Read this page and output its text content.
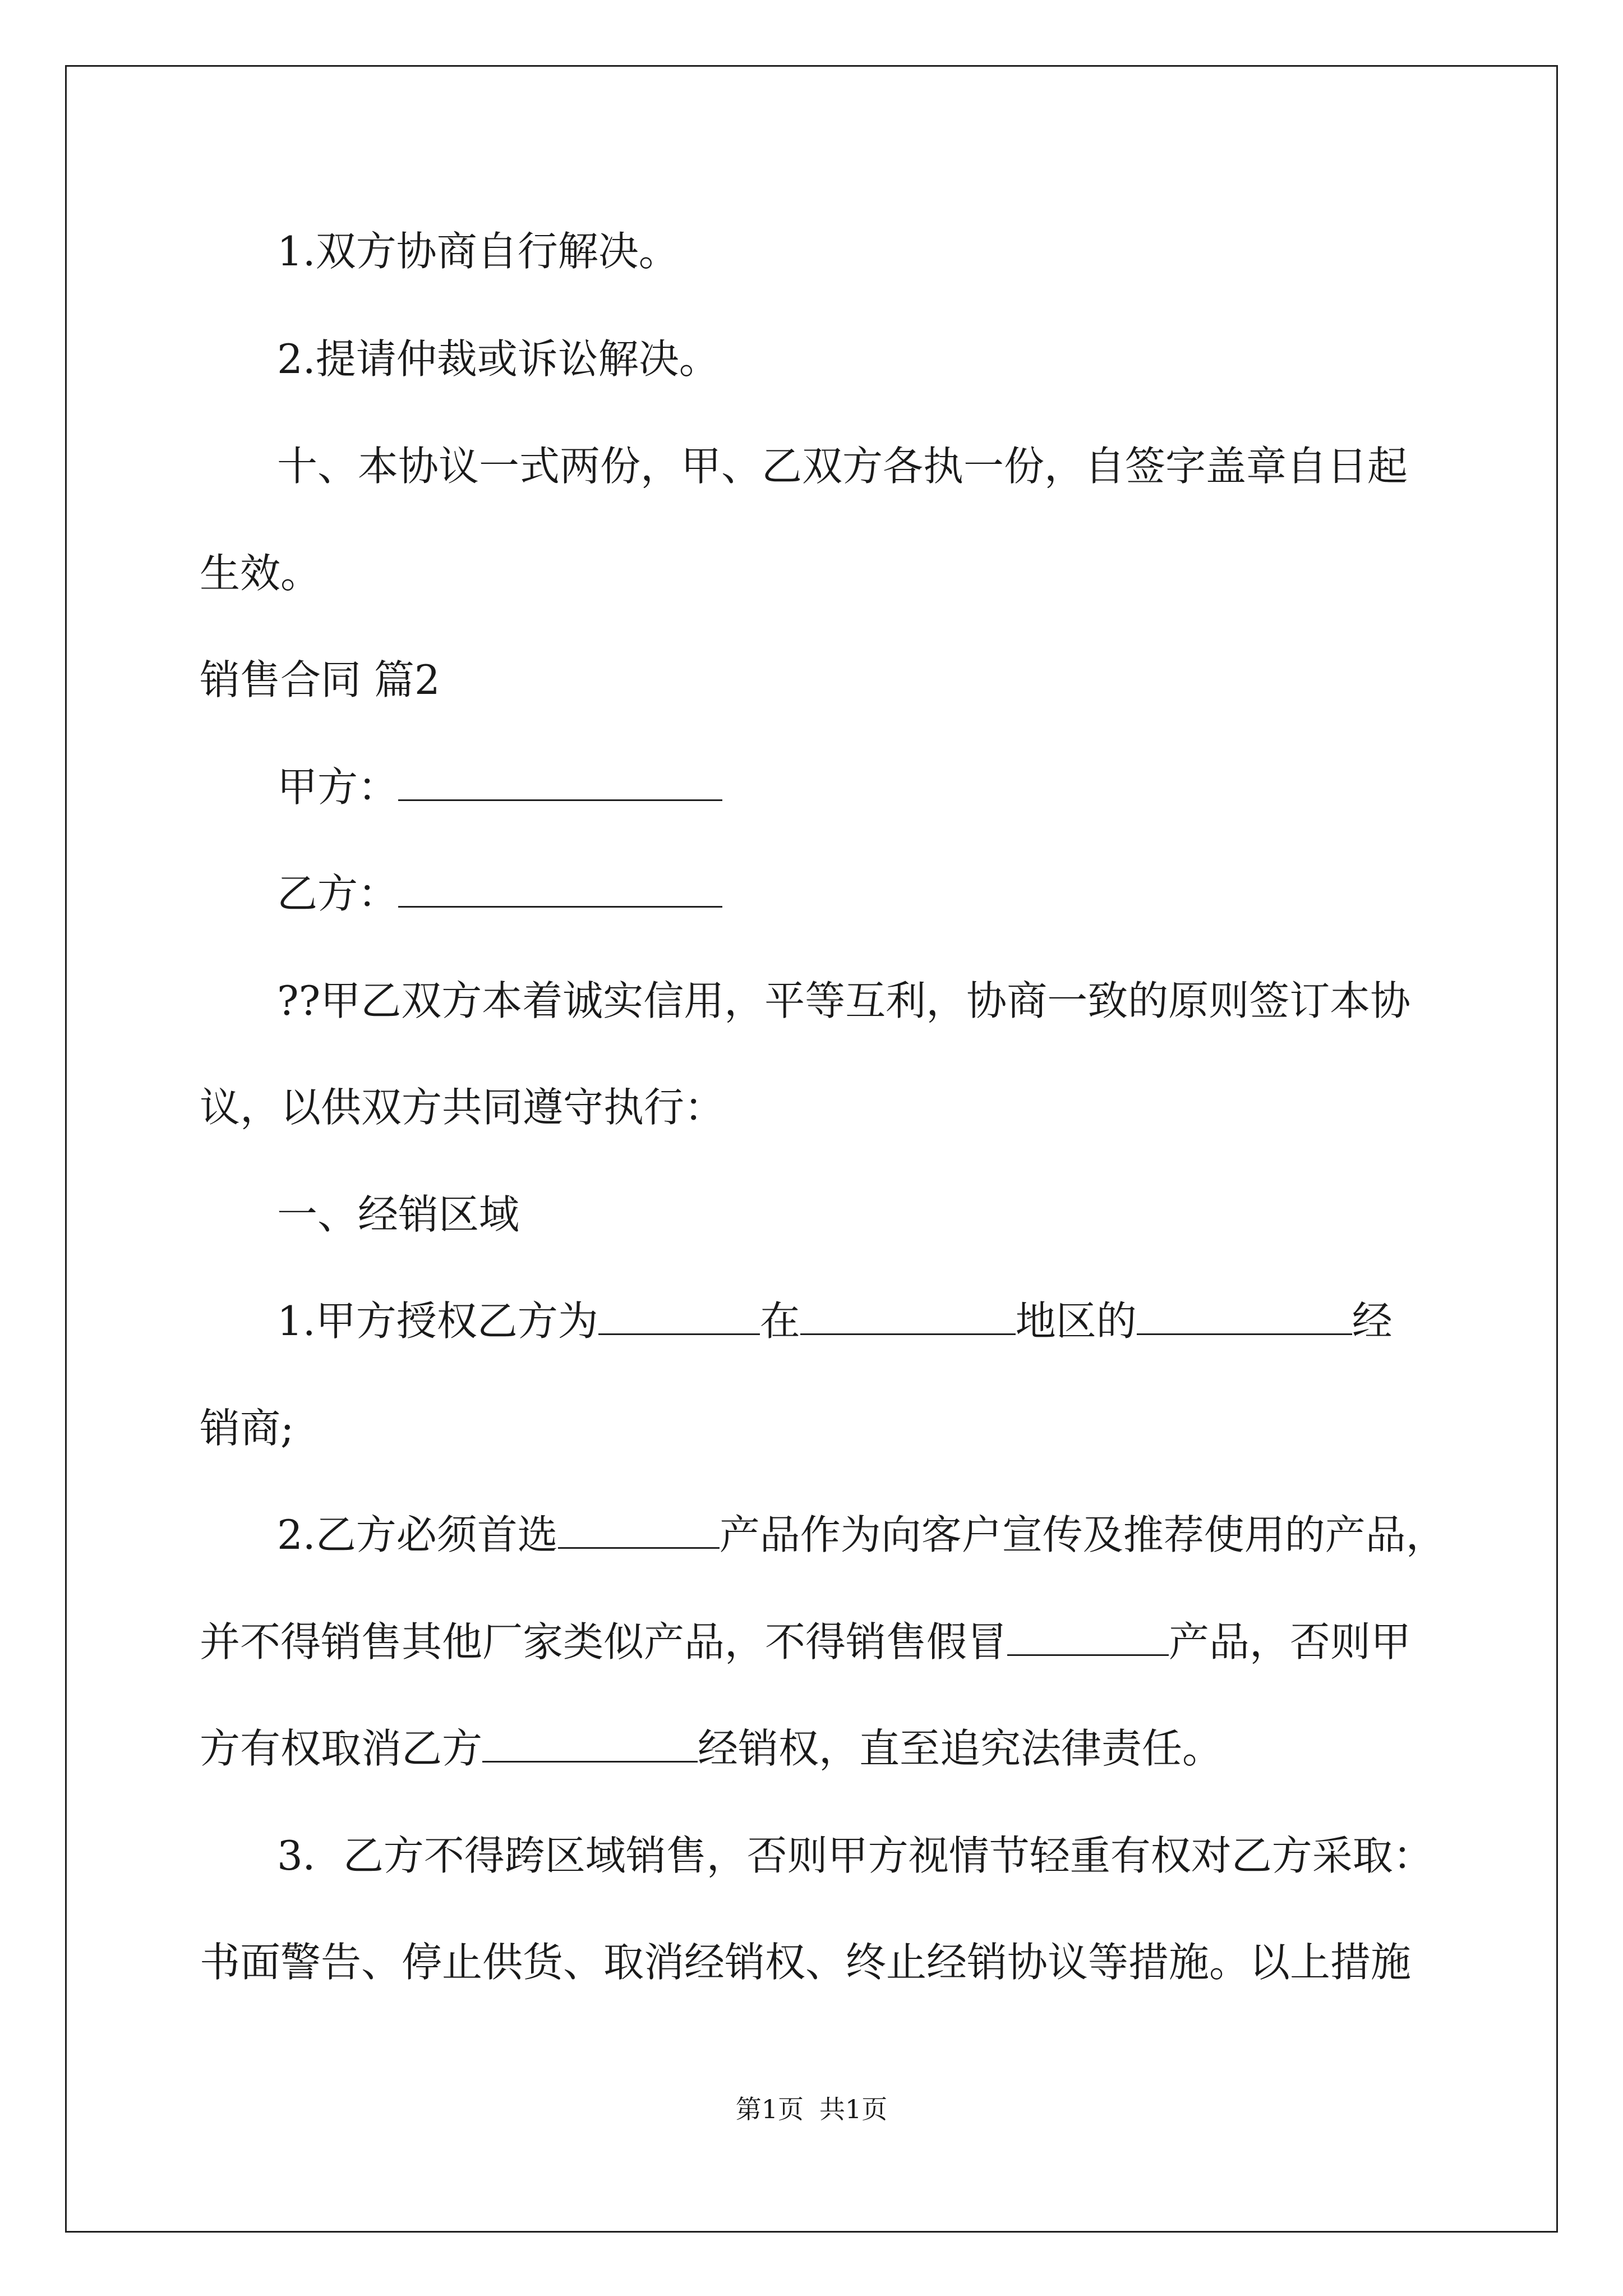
1.双方协商自行解决。
2.提请仲裁或诉讼解决。
十、本协议一式两份，甲、乙双方各执一份，自签字盖章自日起
生效。
销售合同 篇2
甲方：
乙方：
??甲乙双方本着诚实信用，平等互利，协商一致的原则签订本协
议，以供双方共同遵守执行：
一、经销区域
1.甲方授权乙方为	在	地区的	经
销商;
2.乙方必须首选	产品作为向客户宣传及推荐使用的产品，
并不得销售其他厂家类似产品，不得销售假冒	产品，否则甲
方有权取消乙方	经销权，直至追究法律责任。
3．乙方不得跨区域销售，否则甲方视情节轻重有权对乙方采取：
书面警告、停止供货、取消经销权、终止经销协议等措施。以上措施
第1页 共1页
